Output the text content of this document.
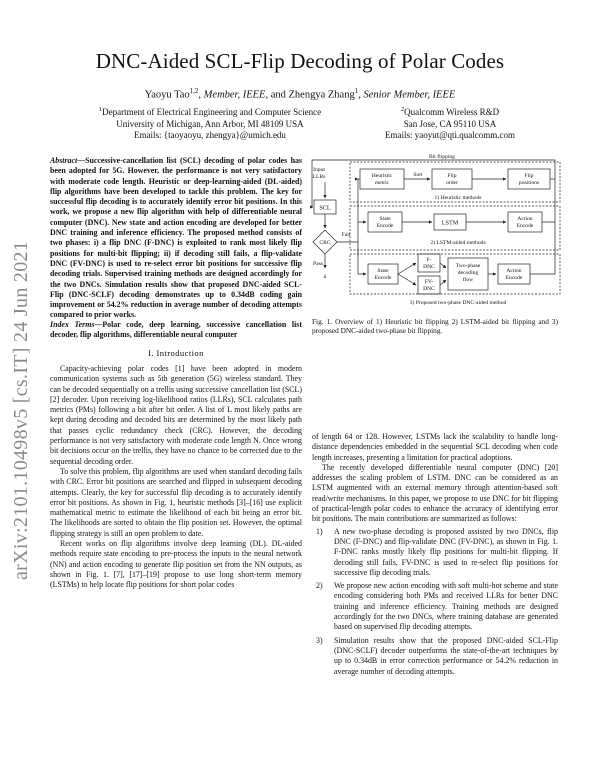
DNC-Aided SCL-Flip Decoding of Polar Codes
Yaoyu Tao$^{1,2}$, Member, IEEE, and Zhengya Zhang$^1$, Senior Member, IEEE
$^1$Department of Electrical Engineering and Computer Science
University of Michigan, Ann Arbor, MI 48109 USA
Emails: {taoyaoyu, zhengya}@umich.edu
$^2$Qualcomm Wireless R&D
San Jose, CA 95110 USA
Emails: yaoyut@qti.qualcomm.com
arXiv:2101.10498v5 [cs.IT] 24 Jun 2021
Abstract—Successive-cancellation list (SCL) decoding of polar codes has been adopted for 5G. However, the performance is not very satisfactory with moderate code length. Heuristic or deep-learning-aided (DL-aided) flip algorithms have been developed to tackle this problem. The key for successful flip decoding is to accurately identify error bit positions. In this work, we propose a new flip algorithm with help of differentiable neural computer (DNC). New state and action encoding are developed for better DNC training and inference efficiency. The proposed method consists of two phases: i) a flip DNC (F-DNC) is exploited to rank most likely flip positions for multi-bit flipping; ii) if decoding still fails, a flip-validate DNC (FV-DNC) is used to re-select error bit positions for successive flip decoding trials. Supervised training methods are designed accordingly for the two DNCs. Simulation results show that proposed DNC-aided SCL-Flip (DNC-SCLF) decoding demonstrates up to 0.34dB coding gain improvement or 54.2% reduction in average number of decoding attempts compared to prior works.
Index Terms—Polar code, deep learning, successive cancellation list decoder, flip algorithms, differentiable neural computer
I. Introduction

Capacity-achieving polar codes [1] have been adopted in modern communication systems such as 5th generation (5G) wireless standard. They can be decoded sequentially on a trellis using successive cancellation list (SCL) [2] decoder. Upon receiving log-likelihood ratios (LLRs), SCL calculates path metrics (PMs) following a bit after bit order. A list of L most likely paths are kept during decoding and decoded bits are determined by the most likely path that passes cyclic redundancy check (CRC). However, the decoding performance is not very satisfactory with moderate code length N. Once wrong bit decisions occur on the trellis, they have no chance to be corrected due to the sequential decoding order.

To solve this problem, flip algorithms are used when standard decoding fails with CRC. Error bit positions are searched and flipped in subsequent decoding attempts. Clearly, the key for successful flip decoding is to accurately identify error bit positions. As shown in Fig. 1, heuristic methods [3]–[16] use explicit mathematical metric to estimate the likelihood of each bit being an error bit. The likelihoods are sorted to obtain the flip position set. However, the optimal flipping strategy is still an open problem to date.

Recent works on flip algorithms involve deep learning (DL). DL-aided methods require state encoding to pre-process the inputs to the neural network (NN) and action encoding to generate flip position set from the NN outputs, as shown in Fig. 1. [7], [17]–[19] propose to use long short-term memory (LSTMs) to help locate flip positions for short polar codes

Bit flipping
Input
LLRs
SCL
CRC
Fail
Pass
û
Heuristic
metric
Sort	Flip
order
Flip
positions
1) Heuristic methods
State
Encode	LSTM
Action
Encode
2) LSTM-aided methods
State
Encode
F-
DNC
FV-
DNC
Two-phase
decoding
flow
Action
Encode
3) Proposed two-phase DNC-aided method
Fig. 1. Overview of 1) Heuristic bit flipping 2) LSTM-aided bit flipping and 3) proposed DNC-aided two-phase bit flipping.

of length 64 or 128. However, LSTMs lack the scalability to handle long-distance dependencies embedded in the sequential SCL decoding when code length increases, presenting a limitation for practical adoptions.

The recently developed differentiable neural computer (DNC) [20] addresses the scaling problem of LSTM. DNC can be considered as an LSTM augmented with an external memory through attention-based soft read/write mechanisms. In this paper, we propose to use DNC for bit flipping of practical-length polar codes to enhance the accuracy of identifying error bit positions. The main contributions are summarized as follows:

1) A new two-phase decoding is proposed assisted by two DNCs, flip DNC (F-DNC) and flip-validate DNC (FV-DNC), as shown in Fig. 1. F-DNC ranks mostly likely flip positions for multi-bit flipping. If decoding still fails, FV-DNC is used to re-select flip positions for successive flip decoding trials.
2) We propose new action encoding with soft multi-hot scheme and state encoding considering both PMs and received LLRs for better DNC training and inference efficiency. Training methods are designed accordingly for the two DNCs, where training database are generated based on supervised flip decoding attempts.
3) Simulation results show that the proposed DNC-aided SCL-Flip (DNC-SCLF) decoder outperforms the state-of-the-art techniques by up to 0.34dB in error correction performance or 54.2% reduction in average number of decoding attempts.
